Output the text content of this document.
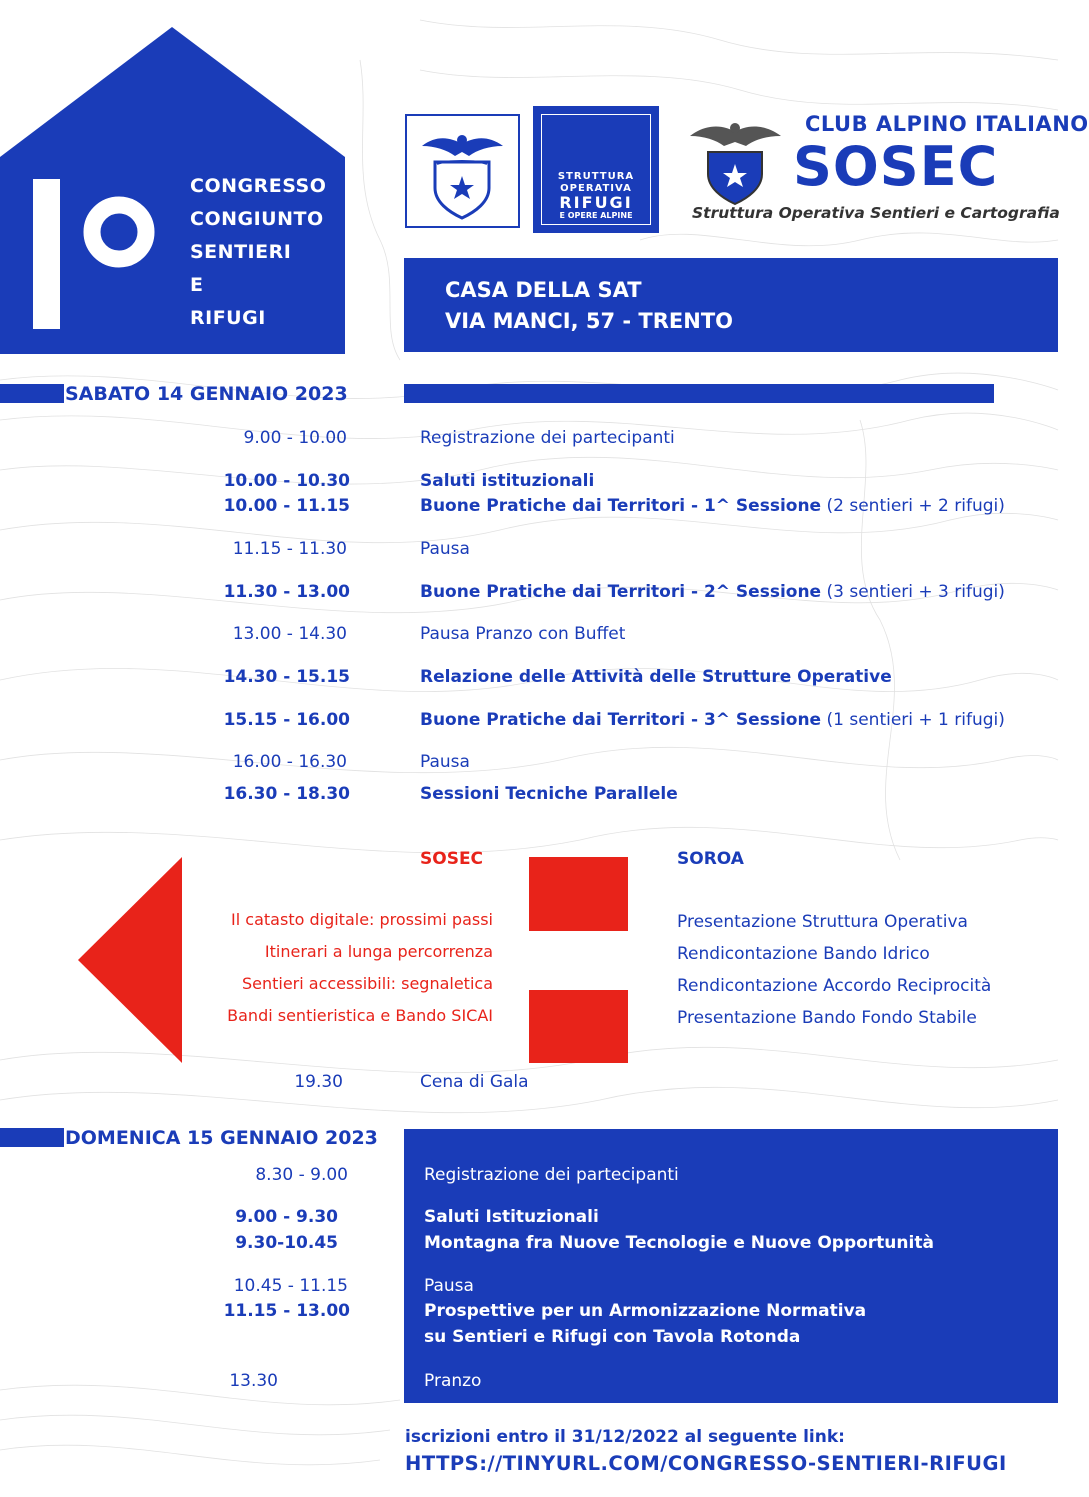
CONGRESSO
CONGIUNTO
SENTIERI
E
RIFUGI
STRUTTURA
OPERATIVA
RIFUGI
E OPERE ALPINE
CLUB ALPINO ITALIANO
SOSEC
Struttura Operativa Sentieri e Cartografia
CASA DELLA SAT
VIA MANCI, 57 - TRENTO
SABATO 14 GENNAIO 2023
9.00 - 10.00	Registrazione dei partecipanti
10.00 - 10.30	Saluti istituzionali
10.00 - 11.15	Buone Pratiche dai Territori - 1^ Sessione (2 sentieri + 2 rifugi)
11.15 - 11.30	Pausa
11.30 - 13.00	Buone Pratiche dai Territori - 2^ Sessione (3 sentieri + 3 rifugi)
13.00 - 14.30	Pausa Pranzo con Buffet
14.30 - 15.15	Relazione delle Attività delle Strutture Operative
15.15 - 16.00	Buone Pratiche dai Territori - 3^ Sessione (1 sentieri + 1 rifugi)
16.00 - 16.30	Pausa
16.30 - 18.30	Sessioni Tecniche Parallele
SOSEC
Il catasto digitale: prossimi passi
Itinerari a lunga percorrenza
Sentieri accessibili: segnaletica
Bandi sentieristica e Bando SICAI
SOROA
Presentazione Struttura Operativa
Rendicontazione Bando Idrico
Rendicontazione Accordo Reciprocità
Presentazione Bando Fondo Stabile
19.30	Cena di Gala
DOMENICA 15 GENNAIO 2023
8.30 - 9.00	Registrazione dei partecipanti
9.00 - 9.30	Saluti Istituzionali
9.30-10.45	Montagna fra Nuove Tecnologie e Nuove Opportunità
10.45 - 11.15	Pausa
11.15 - 13.00	Prospettive per un Armonizzazione Normativa
su Sentieri e Rifugi con Tavola Rotonda
13.30	Pranzo
iscrizioni entro il 31/12/2022 al seguente link:
HTTPS://TINYURL.COM/CONGRESSO-SENTIERI-RIFUGI
